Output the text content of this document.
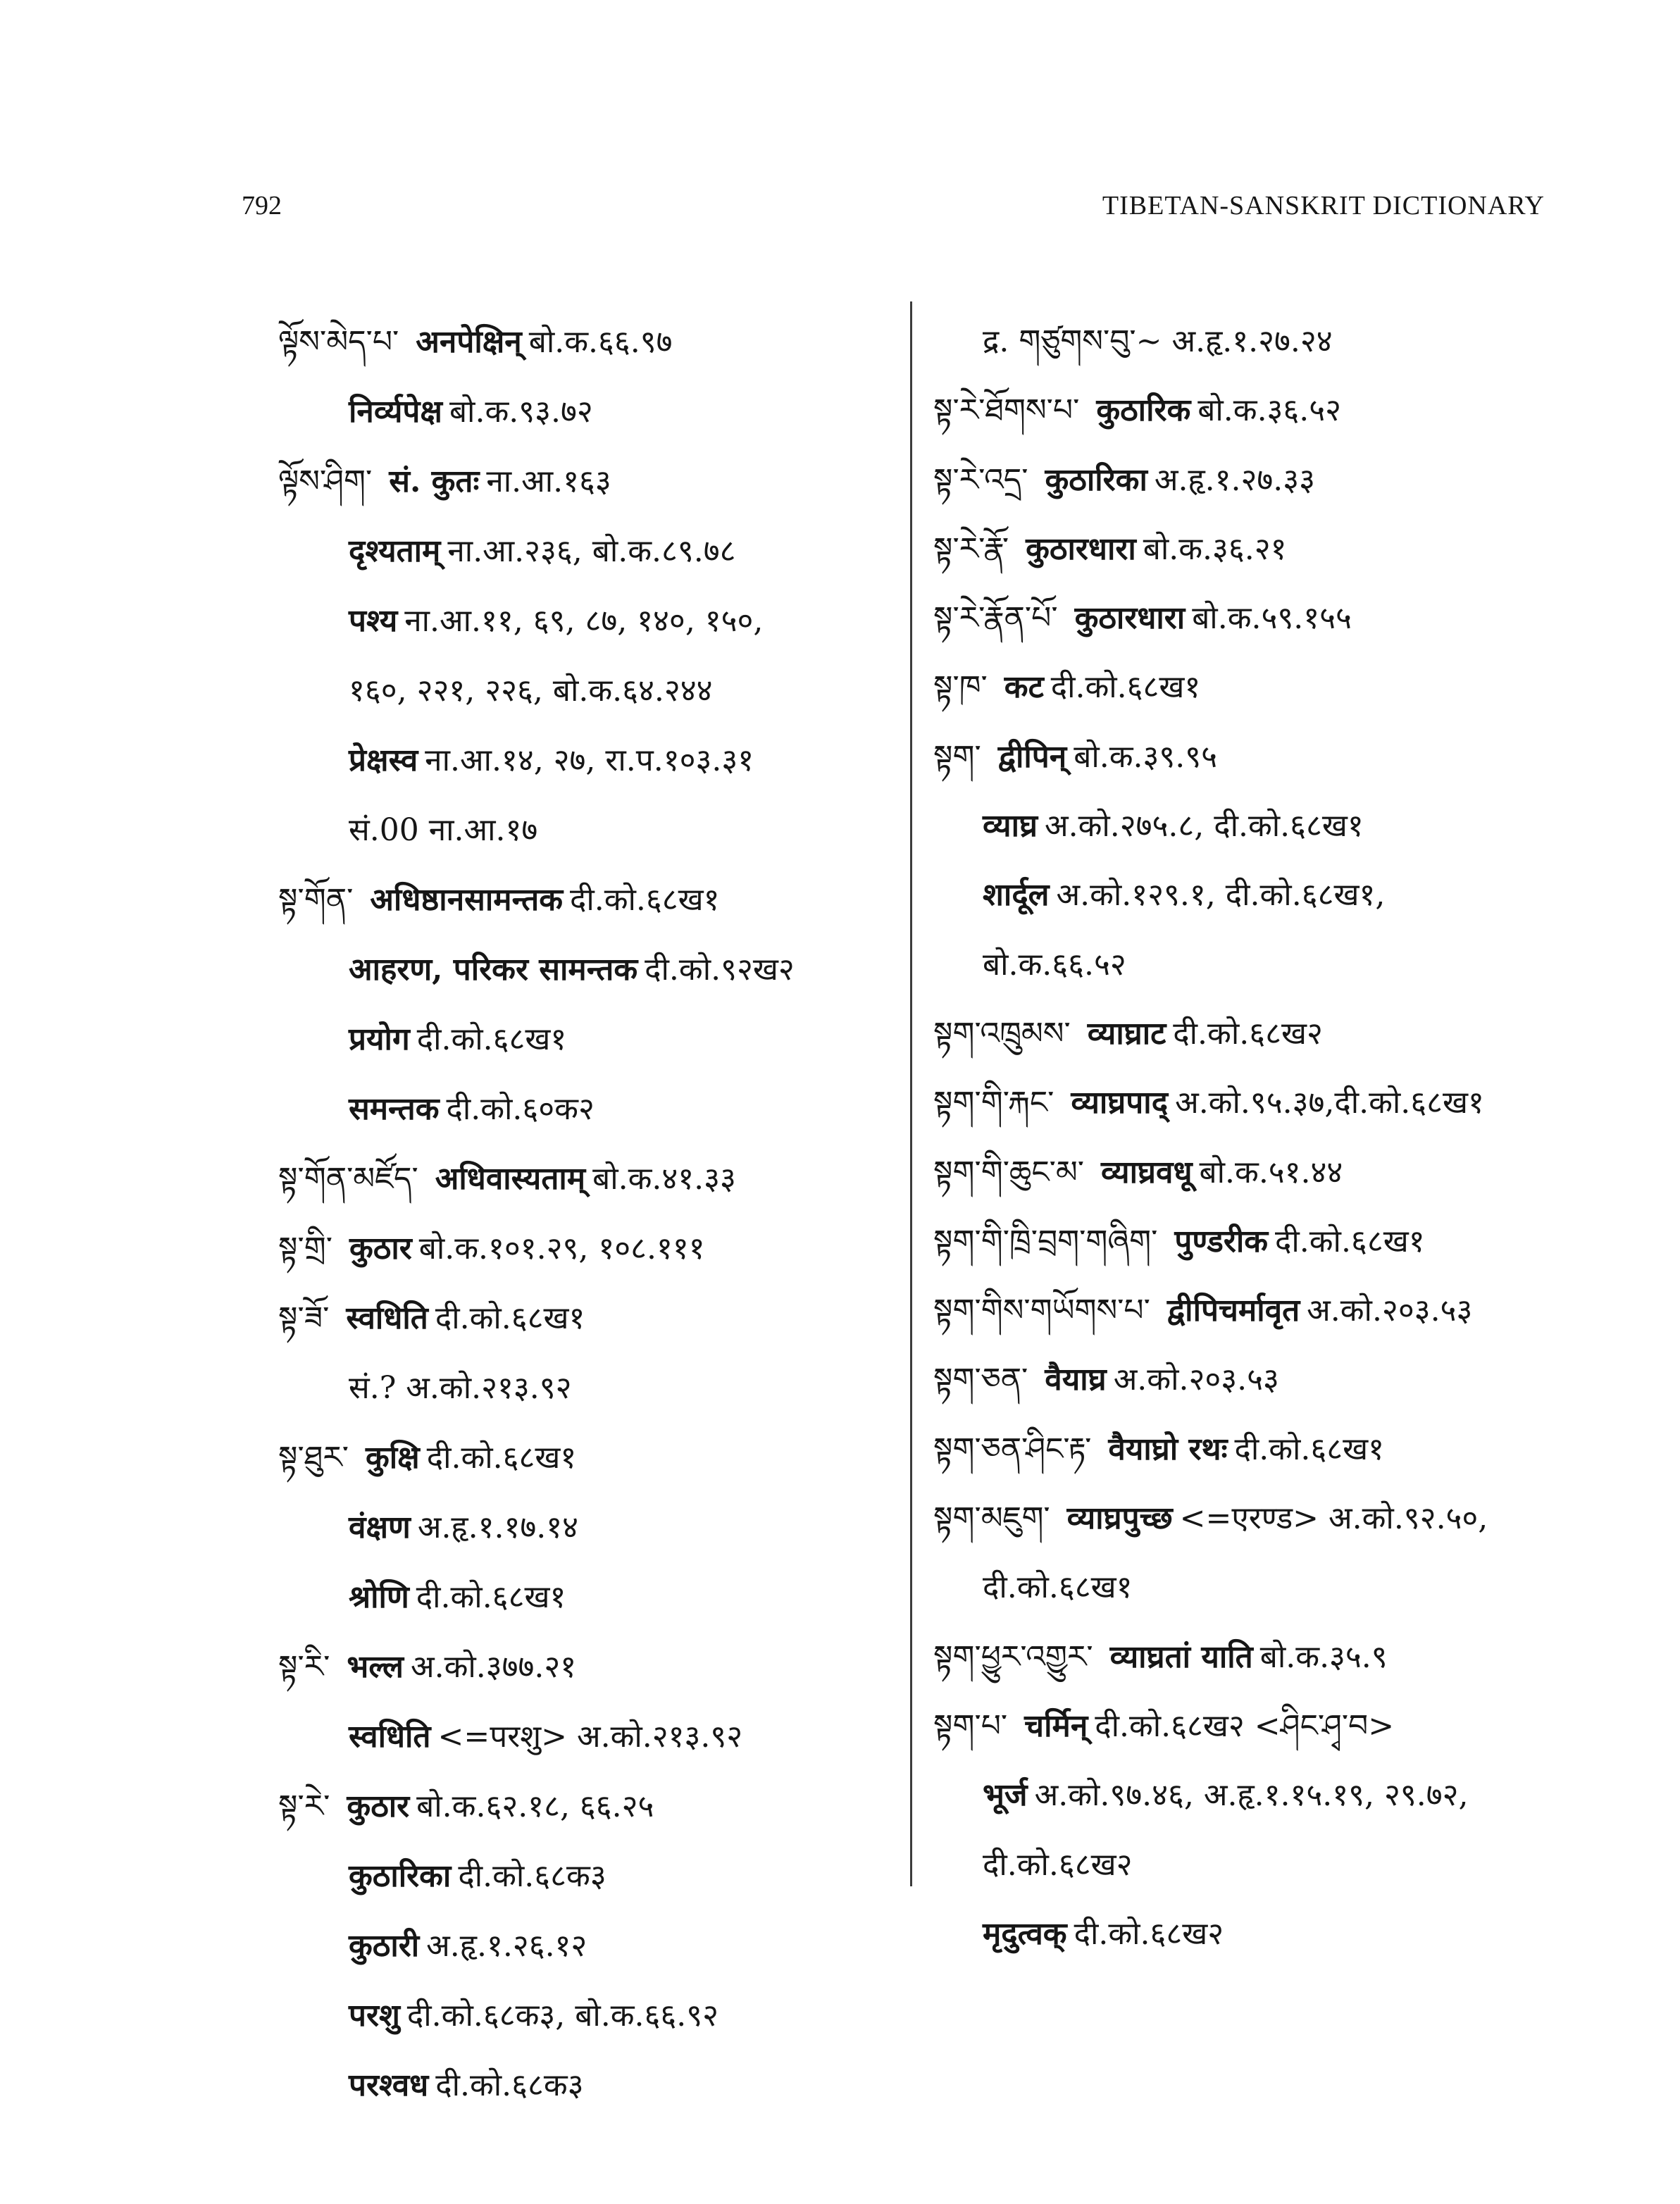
792	TIBETAN-SANSKRIT DICTIONARY
ལྟོས་མེད་པ་ अनपेक्षिन् बो.क.६६.९७
निर्व्यपेक्ष बो.क.९३.७२
ལྟོས་ཤིག་ सं. कुतः ना.आ.१६३
दृश्यताम् ना.आ.२३६, बो.क.८९.७८
पश्य ना.आ.११, ६९, ८७, १४०, १५०,
१६०, २२१, २२६, बो.क.६४.२४४
प्रेक्षस्व ना.आ.१४, २७, रा.प.१०३.३१
सं.00 ना.आ.१७
སྟ་གོན་ अधिष्ठानसामन्तक दी.को.६८ख१
आहरण, परिकर सामन्तक दी.को.९२ख२
प्रयोग दी.को.६८ख१
समन्तक दी.को.६०क२
སྟ་གོན་མཛོད་ अधिवास्यताम् बो.क.४१.३३
སྟ་གྲི་ कुठार बो.क.१०१.२९, १०८.१११
སྟ་ཟོ་ स्वधिति दी.को.६८ख१
सं.? अ.को.२१३.९२
སྟ་ཐུར་ कुक्षि दी.को.६८ख१
वंक्षण अ.हृ.१.१७.१४
श्रोणि दी.को.६८ख१
སྟ་རི་ भल्ल अ.को.३७७.२१
स्वधिति <=परशु> अ.को.२१३.९२
སྟ་རེ་ कुठार बो.क.६२.१८, ६६.२५
कुठारिका दी.को.६८क३
कुठारी अ.हृ.१.२६.१२
परशु दी.को.६८क३, बो.क.६६.९२
परश्वध दी.को.६८क३
द्र. གཙུགས་བུ་~ अ.हृ.१.२७.२४
སྟ་རེ་ཐོགས་པ་ कुठारिक बो.क.३६.५२
སྟ་རེ་འདྲ་ कुठारिका अ.हृ.१.२७.३३
སྟ་རེ་རྣོ་ कुठारधारा बो.क.३६.२१
སྟ་རེ་རྣོན་པོ་ कुठारधारा बो.क.५९.१५५
སྟ་ཁ་ कट दी.को.६८ख१
སྟག་ द्वीपिन् बो.क.३९.९५
व्याघ्र अ.को.२७५.८, दी.को.६८ख१
शार्दूल अ.को.१२९.१, दी.को.६८ख१,
बो.क.६६.५२
སྟག་འཁྲུམས་ व्याघ्राट दी.को.६८ख२
སྟག་གི་རྐང་ व्याघ्रपाद् अ.को.९५.३७,दी.को.६८ख१
སྟག་གི་ཆུང་མ་ व्याघ्रवधू बो.क.५१.४४
སྟག་གི་ཁྲི་བྲག་གཞིག་ पुण्डरीक दी.को.६८ख१
སྟག་གིས་གཡོགས་པ་ द्वीपिचर्मावृत अ.को.२०३.५३
སྟག་ཅན་ वैयाघ्र अ.को.२०३.५३
སྟག་ཅན་ཤིང་རྟ་ वैयाघ्रो रथः दी.को.६८ख१
སྟག་མཇུག་ व्याघ्रपुच्छ <=एरण्ड> अ.को.९२.५०,
दी.को.६८ख१
སྟག་ཕྱུར་འགྱུར་ व्याघ्रतां याति बो.क.३५.९
སྟག་པ་ चर्मिन् दी.को.६८ख२ <ཤིང་ཤྭ་བ>
भूर्ज अ.को.९७.४६, अ.हृ.१.१५.१९, २९.७२,
दी.को.६८ख२
मृदुत्वक् दी.को.६८ख२
